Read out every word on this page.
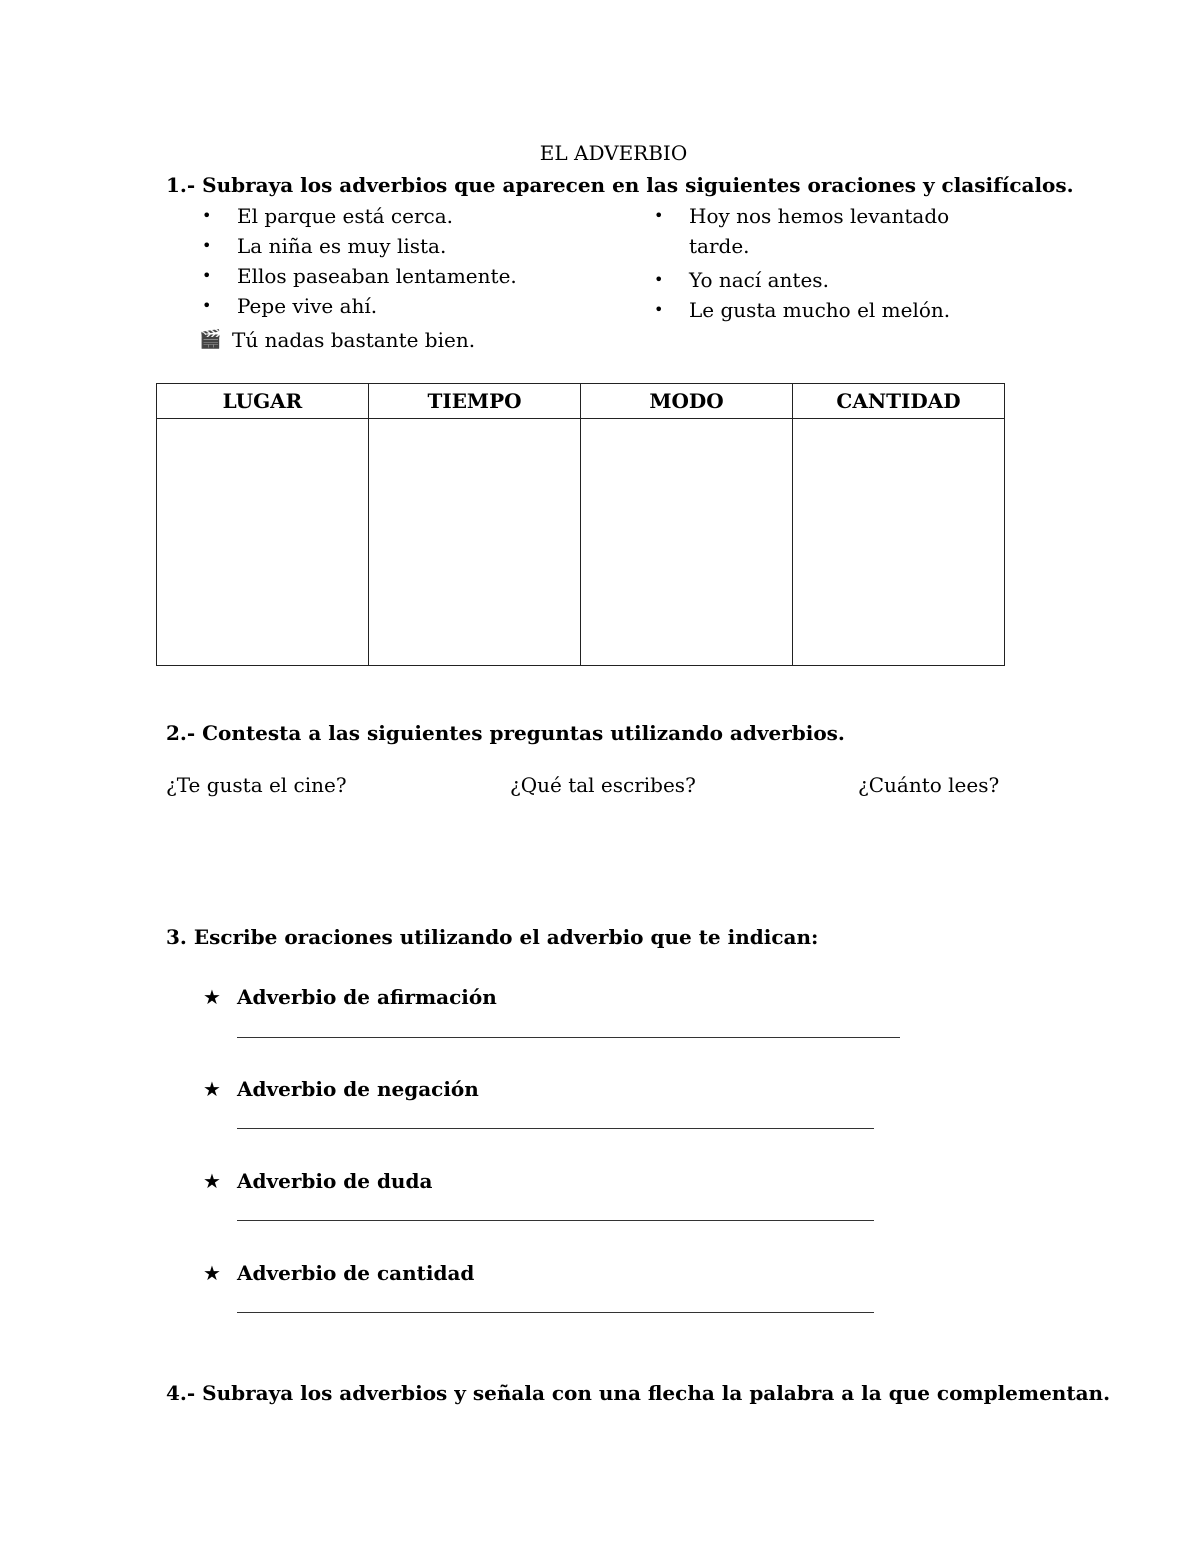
EL ADVERBIO
1.- Subraya los adverbios que aparecen en las siguientes oraciones y clasifícalos.
• El parque está cerca.
• La niña es muy lista.
• Ellos paseaban lentamente.
• Pepe vive ahí.
🎬 Tú nadas bastante bien.
• Hoy nos hemos levantado
tarde.
• Yo nací antes.
• Le gusta mucho el melón.
LUGAR	TIEMPO	MODO	CANTIDAD

2.- Contesta a las siguientes preguntas utilizando adverbios.
¿Te gusta el cine?	¿Qué tal escribes?	¿Cuánto lees?
3. Escribe oraciones utilizando el adverbio que te indican:
★ Adverbio de afirmación
★ Adverbio de negación
★ Adverbio de duda
★ Adverbio de cantidad
4.- Subraya los adverbios y señala con una flecha la palabra a la que complementan.
